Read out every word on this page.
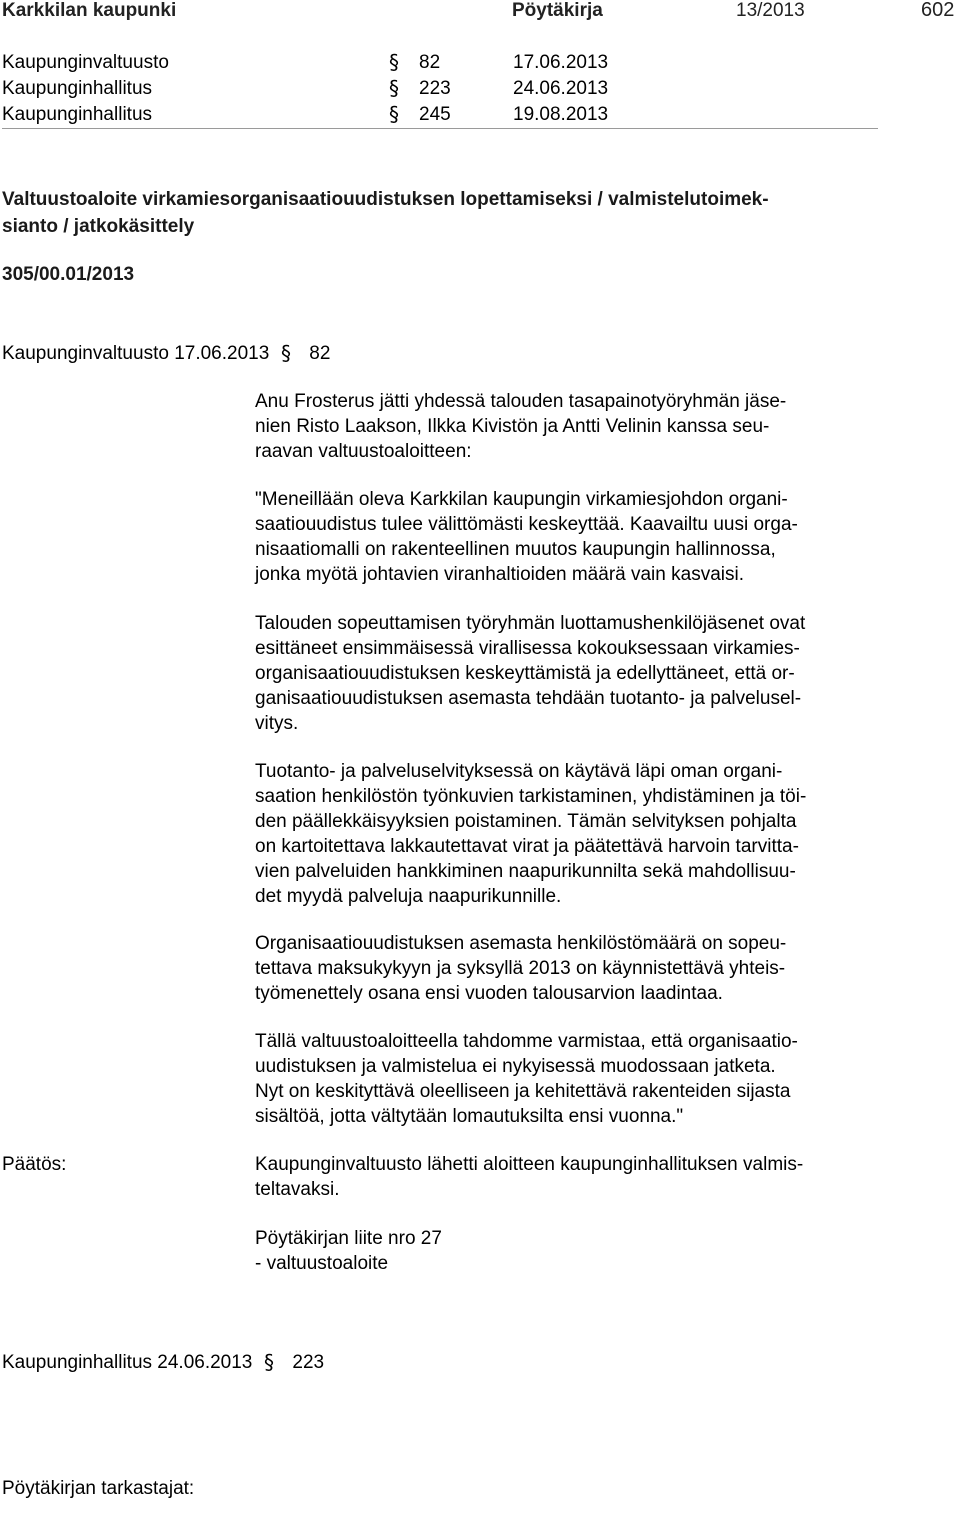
Karkkilan kaupunki	Pöytäkirja	13/2013	602
Kaupunginvaltuusto	§ 82	17.06.2013
Kaupunginhallitus	§ 223	24.06.2013
Kaupunginhallitus	§ 245	19.08.2013
Valtuustoaloite virkamiesorganisaatiouudistuksen lopettamiseksi / valmistelutoimek-
sianto / jatkokäsittely
305/00.01/2013
Kaupunginvaltuusto 17.06.2013 § 82
Anu Frosterus jätti yhdessä talouden tasapainotyöryhmän jäse-
nien Risto Laakson, Ilkka Kivistön ja Antti Velinin kanssa seu-
raavan valtuustoaloitteen:
"Meneillään oleva Karkkilan kaupungin virkamiesjohdon organi-
saatiouudistus tulee välittömästi keskeyttää. Kaavailtu uusi orga-
nisaatiomalli on rakenteellinen muutos kaupungin hallinnossa,
jonka myötä johtavien viranhaltioiden määrä vain kasvaisi.
Talouden sopeuttamisen työryhmän luottamushenkilöjäsenet ovat
esittäneet ensimmäisessä virallisessa kokouksessaan virkamies-
organisaatiouudistuksen keskeyttämistä ja edellyttäneet, että or-
ganisaatiouudistuksen asemasta tehdään tuotanto- ja palvelusel-
vitys.
Tuotanto- ja palveluselvityksessä on käytävä läpi oman organi-
saation henkilöstön työnkuvien tarkistaminen, yhdistäminen ja töi-
den päällekkäisyyksien poistaminen. Tämän selvityksen pohjalta
on kartoitettava lakkautettavat virat ja päätettävä harvoin tarvitta-
vien palveluiden hankkiminen naapurikunnilta sekä mahdollisuu-
det myydä palveluja naapurikunnille.
Organisaatiouudistuksen asemasta henkilöstömäärä on sopeu-
tettava maksukykyyn ja syksyllä 2013 on käynnistettävä yhteis-
työmenettely osana ensi vuoden talousarvion laadintaa.
Tällä valtuustoaloitteella tahdomme varmistaa, että organisaatio-
uudistuksen ja valmistelua ei nykyisessä muodossaan jatketa.
Nyt on keskityttävä oleelliseen ja kehitettävä rakenteiden sijasta
sisältöä, jotta vältytään lomautuksilta ensi vuonna."
Päätös:	Kaupunginvaltuusto lähetti aloitteen kaupunginhallituksen valmis-
teltavaksi.
Pöytäkirjan liite nro 27
- valtuustoaloite
Kaupunginhallitus 24.06.2013 § 223
Pöytäkirjan tarkastajat:
